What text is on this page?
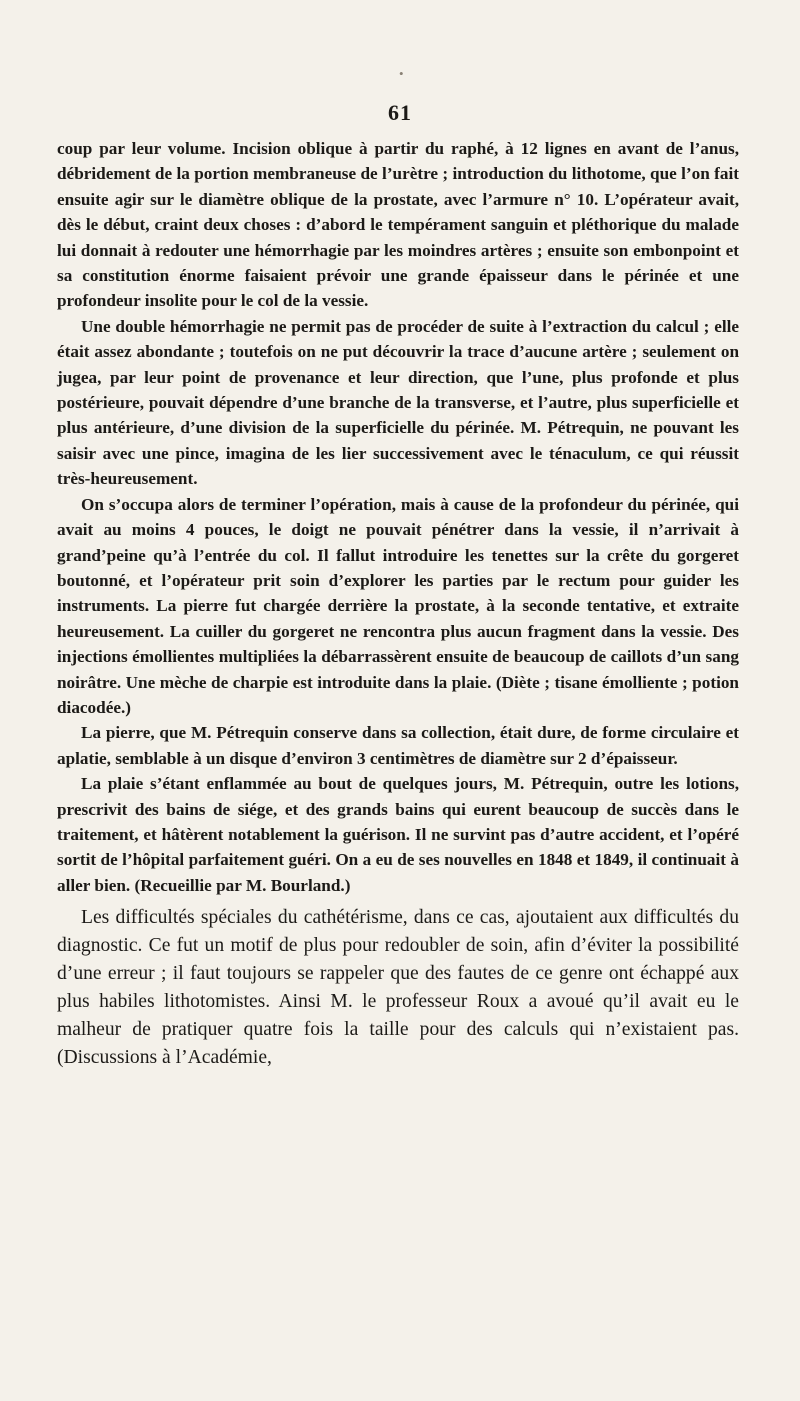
•
61

coup par leur volume. Incision oblique à partir du raphé, à 12 lignes en avant de l’anus, débridement de la portion membraneuse de l’urètre ; introduction du lithotome, que l’on fait ensuite agir sur le diamètre oblique de la prostate, avec l’armure n° 10. L’opérateur avait, dès le début, craint deux choses : d’abord le tempérament sanguin et pléthorique du malade lui donnait à redouter une hémorrhagie par les moindres artères ; ensuite son embonpoint et sa constitution énorme faisaient prévoir une grande épaisseur dans le périnée et une profondeur insolite pour le col de la vessie.

Une double hémorrhagie ne permit pas de procéder de suite à l’extraction du calcul ; elle était assez abondante ; toutefois on ne put découvrir la trace d’aucune artère ; seulement on jugea, par leur point de provenance et leur direction, que l’une, plus profonde et plus postérieure, pouvait dépendre d’une branche de la transverse, et l’autre, plus superficielle et plus antérieure, d’une division de la superficielle du périnée. M. Pétrequin, ne pouvant les saisir avec une pince, imagina de les lier successivement avec le ténaculum, ce qui réussit très-heureusement.

On s’occupa alors de terminer l’opération, mais à cause de la profondeur du périnée, qui avait au moins 4 pouces, le doigt ne pouvait pénétrer dans la vessie, il n’arrivait à grand’peine qu’à l’entrée du col. Il fallut introduire les tenettes sur la crête du gorgeret boutonné, et l’opérateur prit soin d’explorer les parties par le rectum pour guider les instruments. La pierre fut chargée derrière la prostate, à la seconde tentative, et extraite heureusement. La cuiller du gorgeret ne rencontra plus aucun fragment dans la vessie. Des injections émollientes multipliées la débarrassèrent ensuite de beaucoup de caillots d’un sang noirâtre. Une mèche de charpie est introduite dans la plaie. (Diète ; tisane émolliente ; potion diacodée.)

La pierre, que M. Pétrequin conserve dans sa collection, était dure, de forme circulaire et aplatie, semblable à un disque d’environ 3 centimètres de diamètre sur 2 d’épaisseur.

La plaie s’étant enflammée au bout de quelques jours, M. Pétrequin, outre les lotions, prescrivit des bains de siége, et des grands bains qui eurent beaucoup de succès dans le traitement, et hâtèrent notablement la guérison. Il ne survint pas d’autre accident, et l’opéré sortit de l’hôpital parfaitement guéri. On a eu de ses nouvelles en 1848 et 1849, il continuait à aller bien. (Recueillie par M. Bourland.)

Les difficultés spéciales du cathétérisme, dans ce cas, ajoutaient aux difficultés du diagnostic. Ce fut un motif de plus pour redoubler de soin, afin d’éviter la possibilité d’une erreur ; il faut toujours se rappeler que des fautes de ce genre ont échappé aux plus habiles lithotomistes. Ainsi M. le professeur Roux a avoué qu’il avait eu le malheur de pratiquer quatre fois la taille pour des calculs qui n’existaient pas. (Discussions à l’Académie,
